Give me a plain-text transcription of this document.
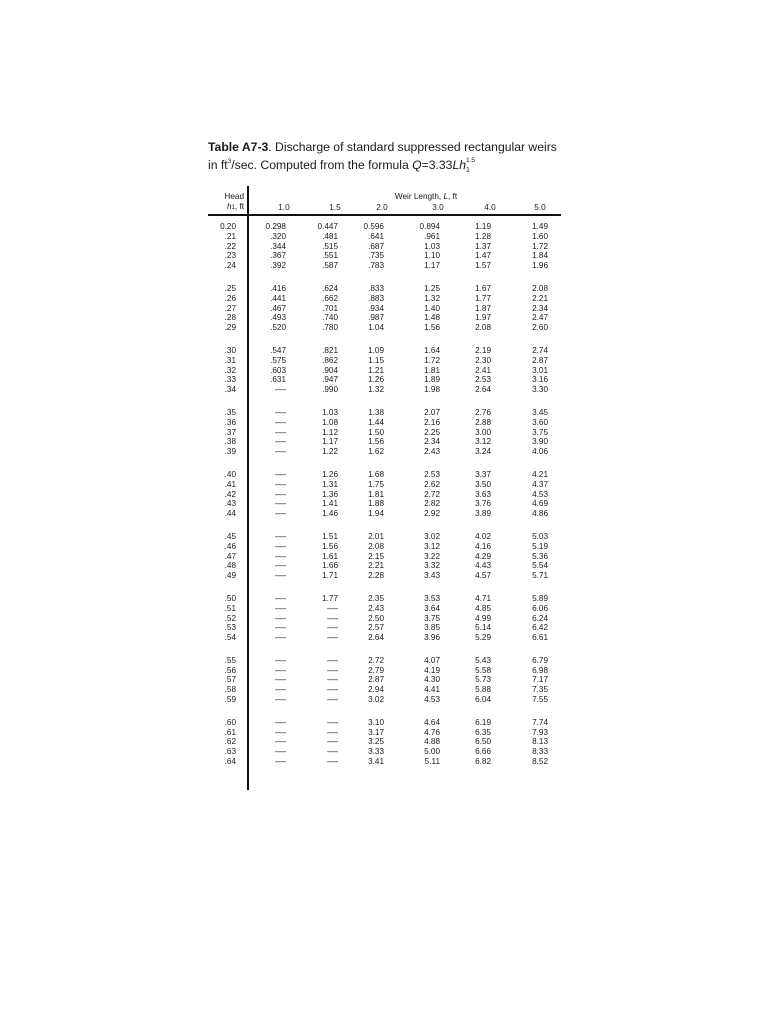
Table A7-3. Discharge of standard suppressed rectangular weirs
in $ft^3/\sec$. Computed from the formula $Q=3.33Lh_1^{1.5}$
Head
h1, ft
Weir Length, L, ft
1.0	1.5	2.0	3.0	4.0	5.0
0.20	0.298	0.447	0.596	0.894	1.19	1.49
.21	.320	.481	.641	.961	1.28	1.60
.22	.344	.515	.687	1.03	1.37	1.72
.23	.367	.551	.735	1.10	1.47	1.84
.24	.392	.587	.783	1.17	1.57	1.96
.25	.416	.624	.833	1.25	1.67	2.08
.26	.441	.662	.883	1.32	1.77	2.21
.27	.467	.701	.934	1.40	1.87	2.34
.28	.493	.740	.987	1.48	1.97	2.47
.29	.520	.780	1.04	1.56	2.08	2.60
.30	.547	.821	1.09	1.64	2.19	2.74
.31	.575	.862	1.15	1.72	2.30	2.87
.32	.603	.904	1.21	1.81	2.41	3.01
.33	.631	.947	1.26	1.89	2.53	3.16
.34	-----	.990	1.32	1.98	2.64	3.30
.35	-----	1.03	1.38	2.07	2.76	3.45
.36	-----	1.08	1.44	2.16	2.88	3.60
.37	-----	1.12	1.50	2.25	3.00	3.75
.38	-----	1.17	1.56	2.34	3.12	3.90
.39	-----	1.22	1.62	2.43	3.24	4.06
.40	-----	1.26	1.68	2.53	3.37	4.21
.41	-----	1.31	1.75	2.62	3.50	4.37
.42	-----	1.36	1.81	2.72	3.63	4.53
.43	-----	1.41	1.88	2.82	3.76	4.69
.44	-----	1.46	1.94	2.92	3.89	4.86
.45	-----	1.51	2.01	3.02	4.02	5.03
.46	-----	1.56	2.08	3.12	4.16	5.19
.47	-----	1.61	2.15	3.22	4.29	5.36
.48	-----	1.66	2.21	3.32	4.43	5.54
.49	-----	1.71	2.28	3.43	4.57	5.71
.50	-----	1.77	2.35	3.53	4.71	5.89
.51	-----	-----	2.43	3.64	4.85	6.06
.52	-----	-----	2.50	3.75	4.99	6.24
.53	-----	-----	2.57	3.85	5.14	6.42
.54	-----	-----	2.64	3.96	5.29	6.61
.55	-----	-----	2.72	4.07	5.43	6.79
.56	-----	-----	2.79	4.19	5.58	6.98
.57	-----	-----	2.87	4.30	5.73	7.17
.58	-----	-----	2.94	4.41	5.88	7.35
.59	-----	-----	3.02	4.53	6.04	7.55
.60	-----	-----	3.10	4.64	6.19	7.74
.61	-----	-----	3.17	4.76	6.35	7.93
.62	-----	-----	3.25	4.88	6.50	8.13
.63	-----	-----	3.33	5.00	6.66	8.33
.64	-----	-----	3.41	5.11	6.82	8.52
